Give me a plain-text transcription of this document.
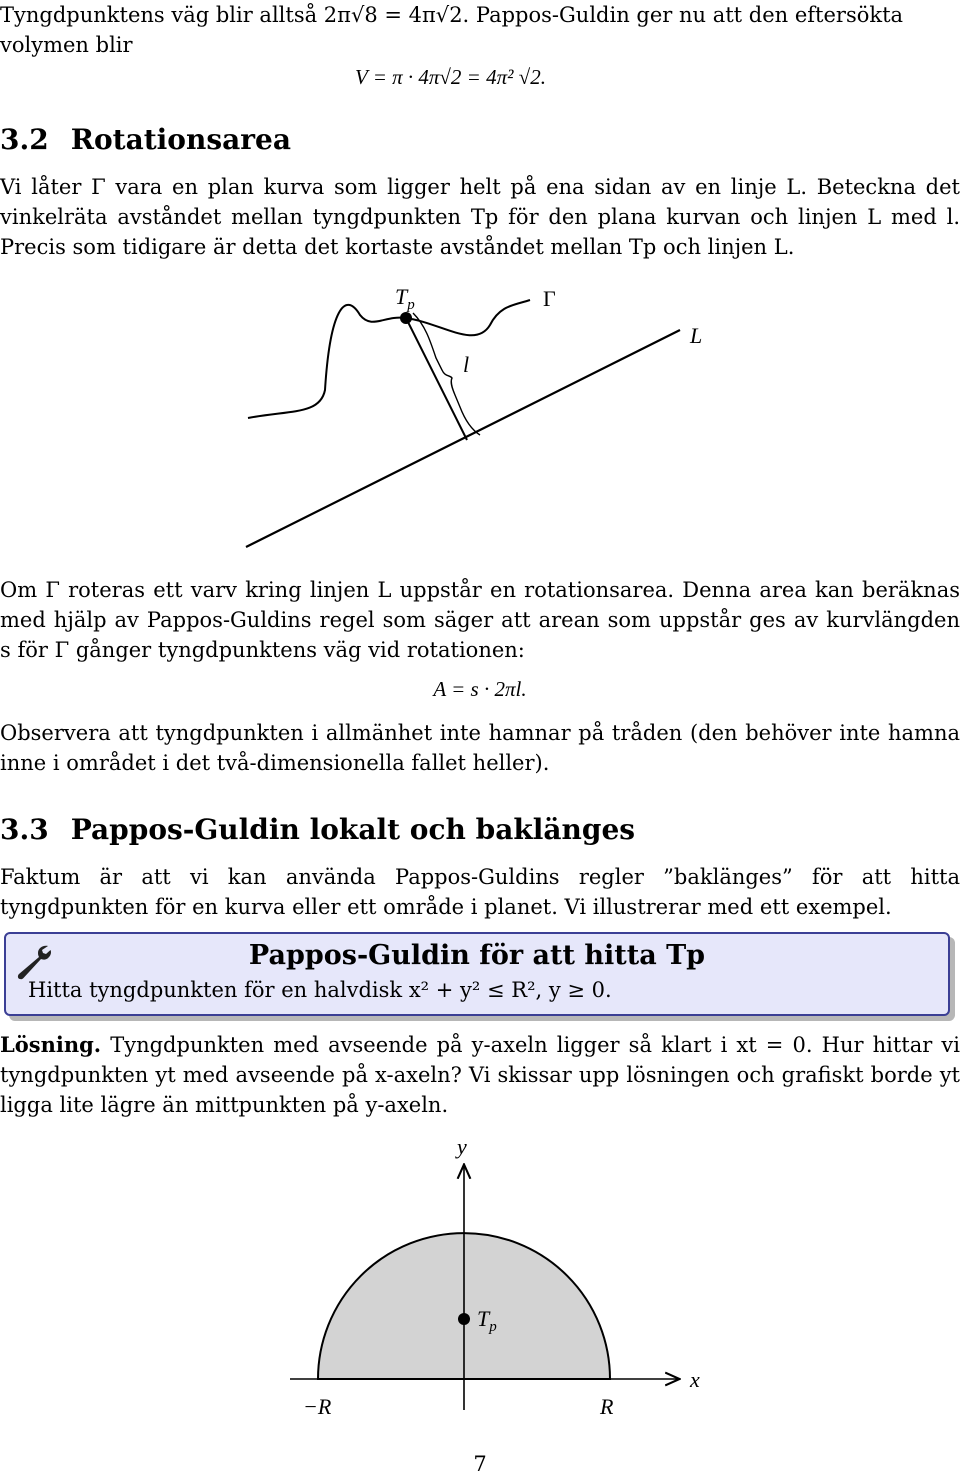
Tyngdpunktens väg blir alltså 2π√8 = 4π√2. Pappos-Guldin ger nu att den eftersökta

volymen blir

V = π · 4π√2 = 4π² √2.

3.2 Rotationsarea

Vi låter Γ vara en plan kurva som ligger helt på ena sidan av en linje L. Beteckna det vinkelräta avståndet mellan tyngdpunkten Tp för den plana kurvan och linjen L med l. Precis som tidigare är detta det kortaste avståndet mellan Tp och linjen L.

$T_p$	Γ
L
l

Om Γ roteras ett varv kring linjen L uppstår en rotationsarea. Denna area kan beräknas med hjälp av Pappos-Guldins regel som säger att arean som uppstår ges av kurvlängden s för Γ gånger tyngdpunktens väg vid rotationen:

A = s · 2πl.

Observera att tyngdpunkten i allmänhet inte hamnar på tråden (den behöver inte hamna inne i området i det två-dimensionella fallet heller).

3.3 Pappos-Guldin lokalt och baklänges

Faktum är att vi kan använda Pappos-Guldins regler ”baklänges” för att hitta tyngdpunkten för en kurva eller ett område i planet. Vi illustrerar med ett exempel.

Pappos-Guldin för att hitta Tp
Hitta tyngdpunkten för en halvdisk x² + y² ≤ R², y ≥ 0.

Lösning. Tyngdpunkten med avseende på y-axeln ligger så klart i xt = 0. Hur hittar vi tyngdpunkten yt med avseende på x-axeln? Vi skissar upp lösningen och grafiskt borde yt ligga lite lägre än mittpunkten på y-axeln.

y
x
$T_p$
−R	R
7
